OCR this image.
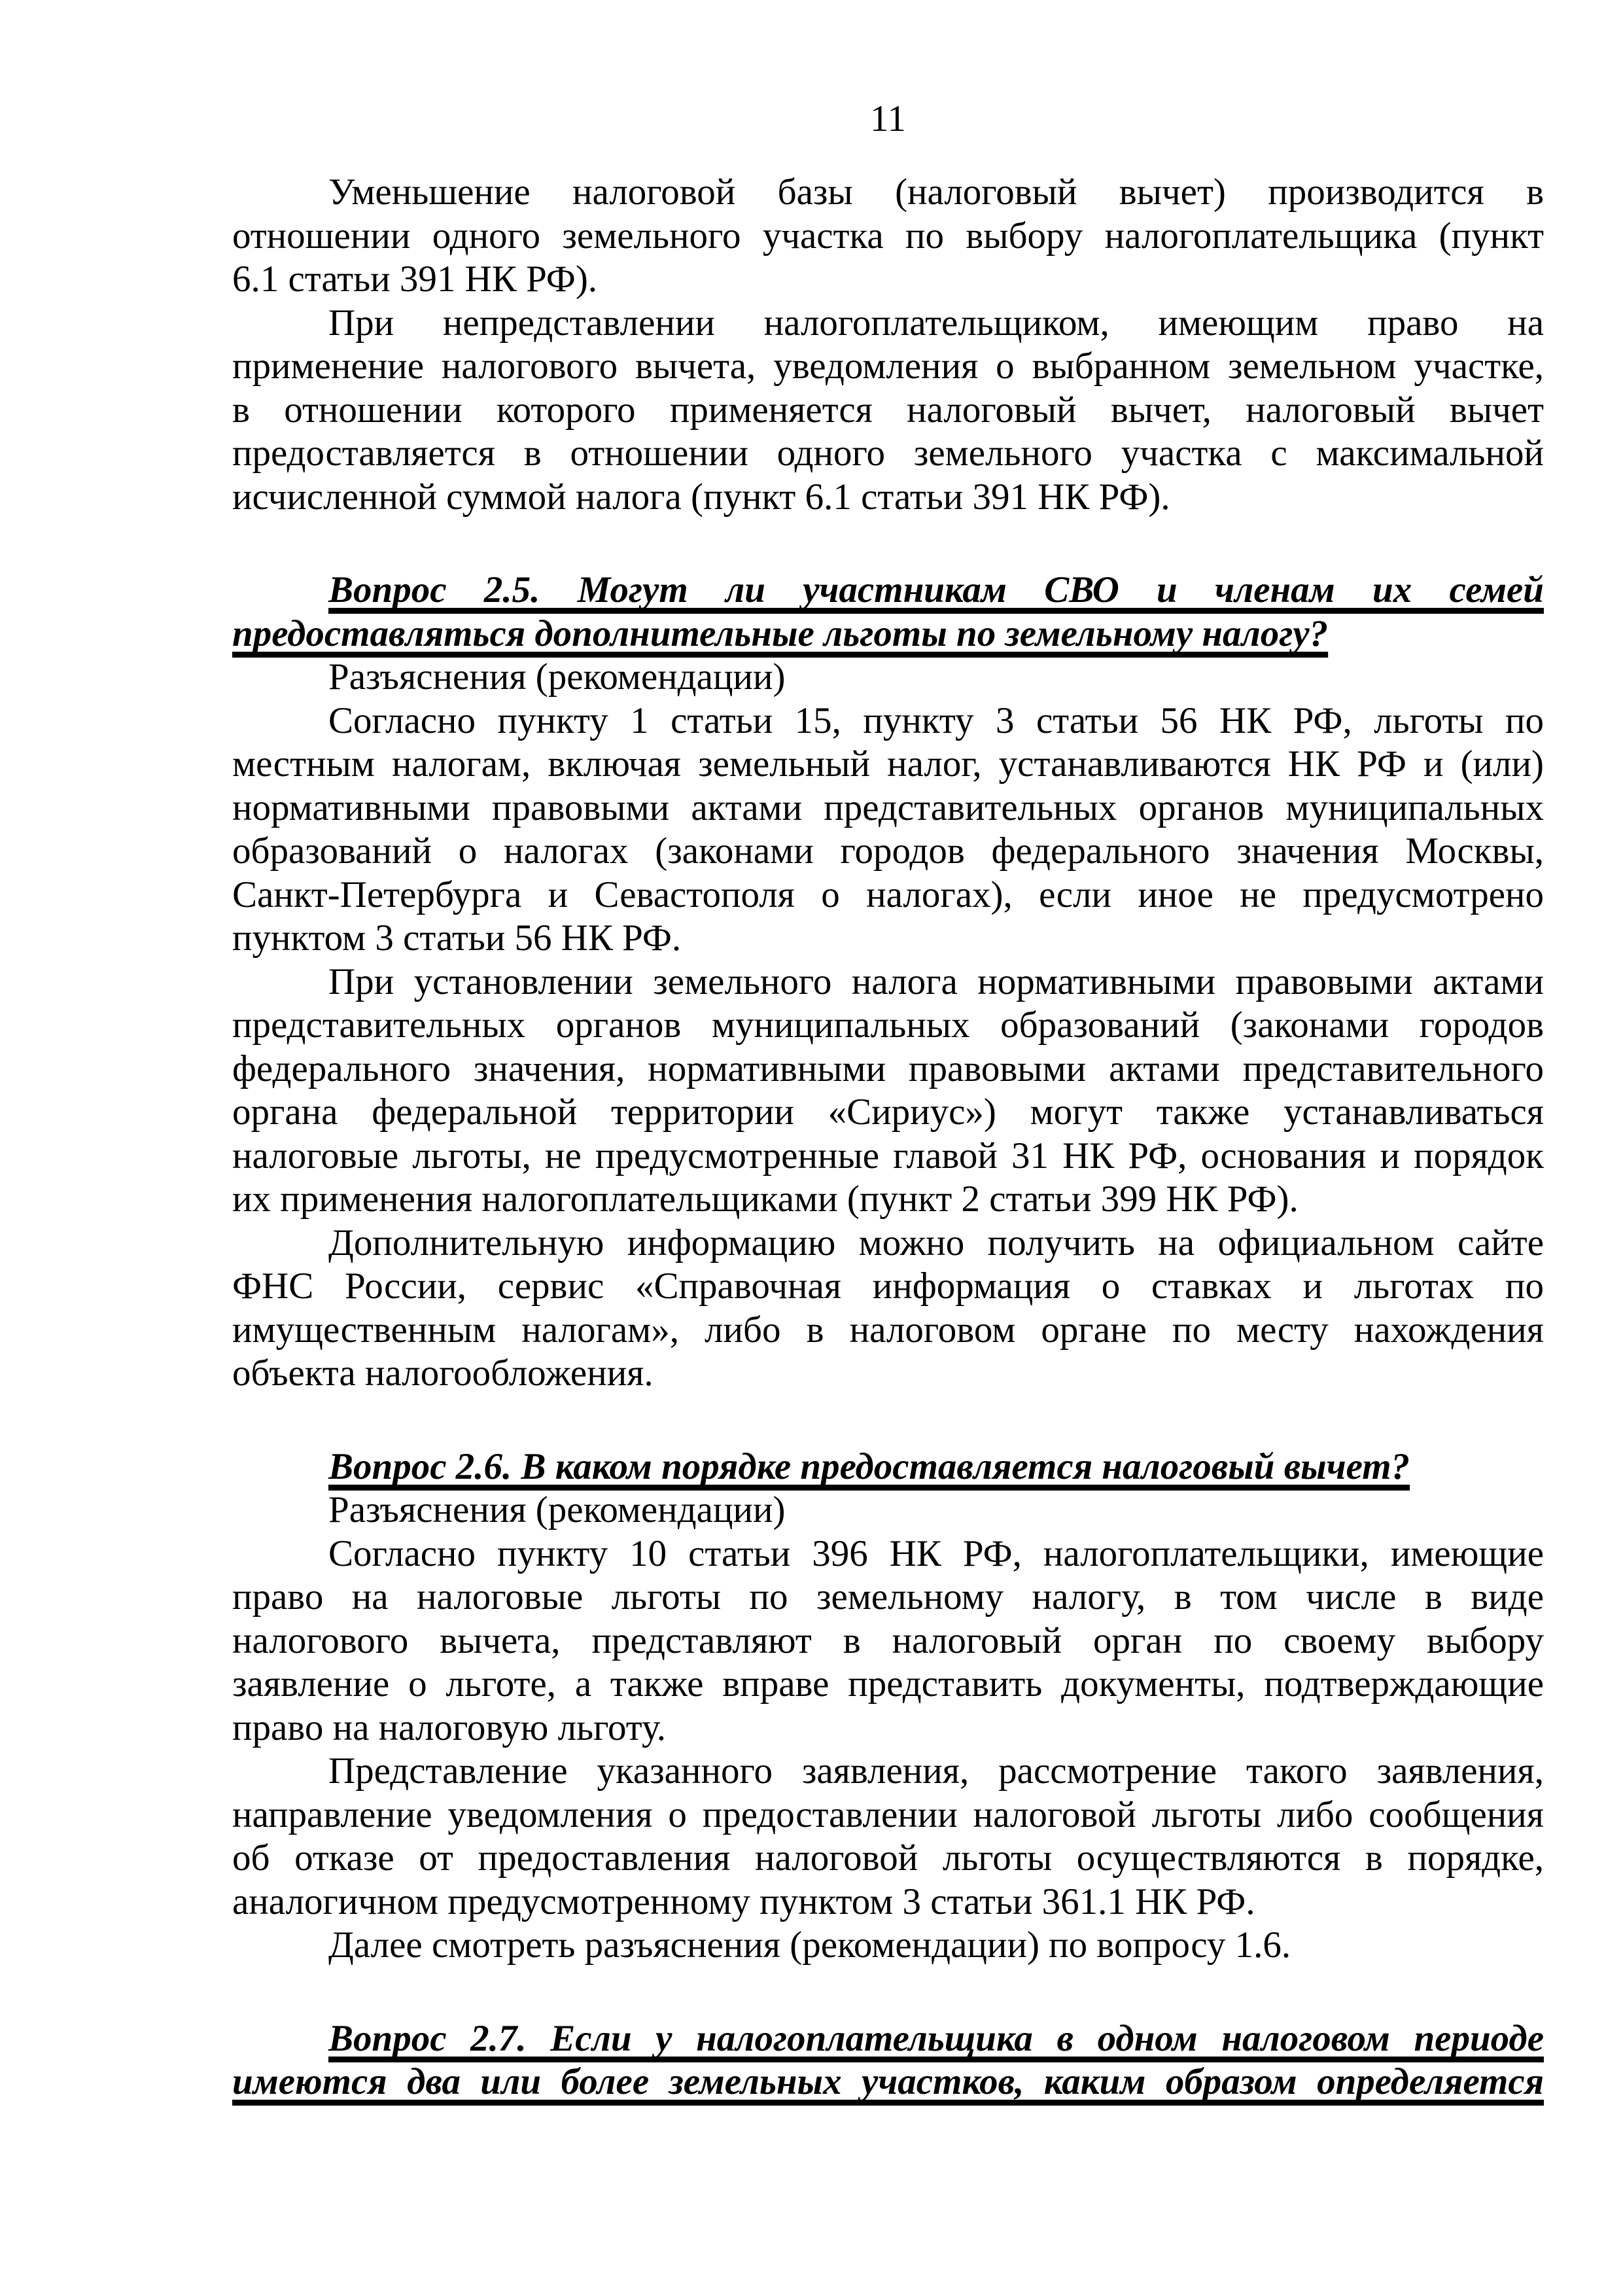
11
Уменьшение налоговой базы (налоговый вычет) производится в
отношении одного земельного участка по выбору налогоплательщика (пункт
6.1 статьи 391 НК РФ).
При непредставлении налогоплательщиком, имеющим право на
применение налогового вычета, уведомления о выбранном земельном участке,
в отношении которого применяется налоговый вычет, налоговый вычет
предоставляется в отношении одного земельного участка с максимальной
исчисленной суммой налога (пункт 6.1 статьи 391 НК РФ).
Вопрос 2.5. Могут ли участникам СВО и членам их семей
предоставляться дополнительные льготы по земельному налогу?
Разъяснения (рекомендации)
Согласно пункту 1 статьи 15, пункту 3 статьи 56 НК РФ, льготы по
местным налогам, включая земельный налог, устанавливаются НК РФ и (или)
нормативными правовыми актами представительных органов муниципальных
образований о налогах (законами городов федерального значения Москвы,
Санкт-Петербурга и Севастополя о налогах), если иное не предусмотрено
пунктом 3 статьи 56 НК РФ.
При установлении земельного налога нормативными правовыми актами
представительных органов муниципальных образований (законами городов
федерального значения, нормативными правовыми актами представительного
органа федеральной территории «Сириус») могут также устанавливаться
налоговые льготы, не предусмотренные главой 31 НК РФ, основания и порядок
их применения налогоплательщиками (пункт 2 статьи 399 НК РФ).
Дополнительную информацию можно получить на официальном сайте
ФНС России, сервис «Справочная информация о ставках и льготах по
имущественным налогам», либо в налоговом органе по месту нахождения
объекта налогообложения.
Вопрос 2.6. В каком порядке предоставляется налоговый вычет?
Разъяснения (рекомендации)
Согласно пункту 10 статьи 396 НК РФ, налогоплательщики, имеющие
право на налоговые льготы по земельному налогу, в том числе в виде
налогового вычета, представляют в налоговый орган по своему выбору
заявление о льготе, а также вправе представить документы, подтверждающие
право на налоговую льготу.
Представление указанного заявления, рассмотрение такого заявления,
направление уведомления о предоставлении налоговой льготы либо сообщения
об отказе от предоставления налоговой льготы осуществляются в порядке,
аналогичном предусмотренному пунктом 3 статьи 361.1 НК РФ.
Далее смотреть разъяснения (рекомендации) по вопросу 1.6.
Вопрос 2.7. Если у налогоплательщика в одном налоговом периоде
имеются два или более земельных участков, каким образом определяется
